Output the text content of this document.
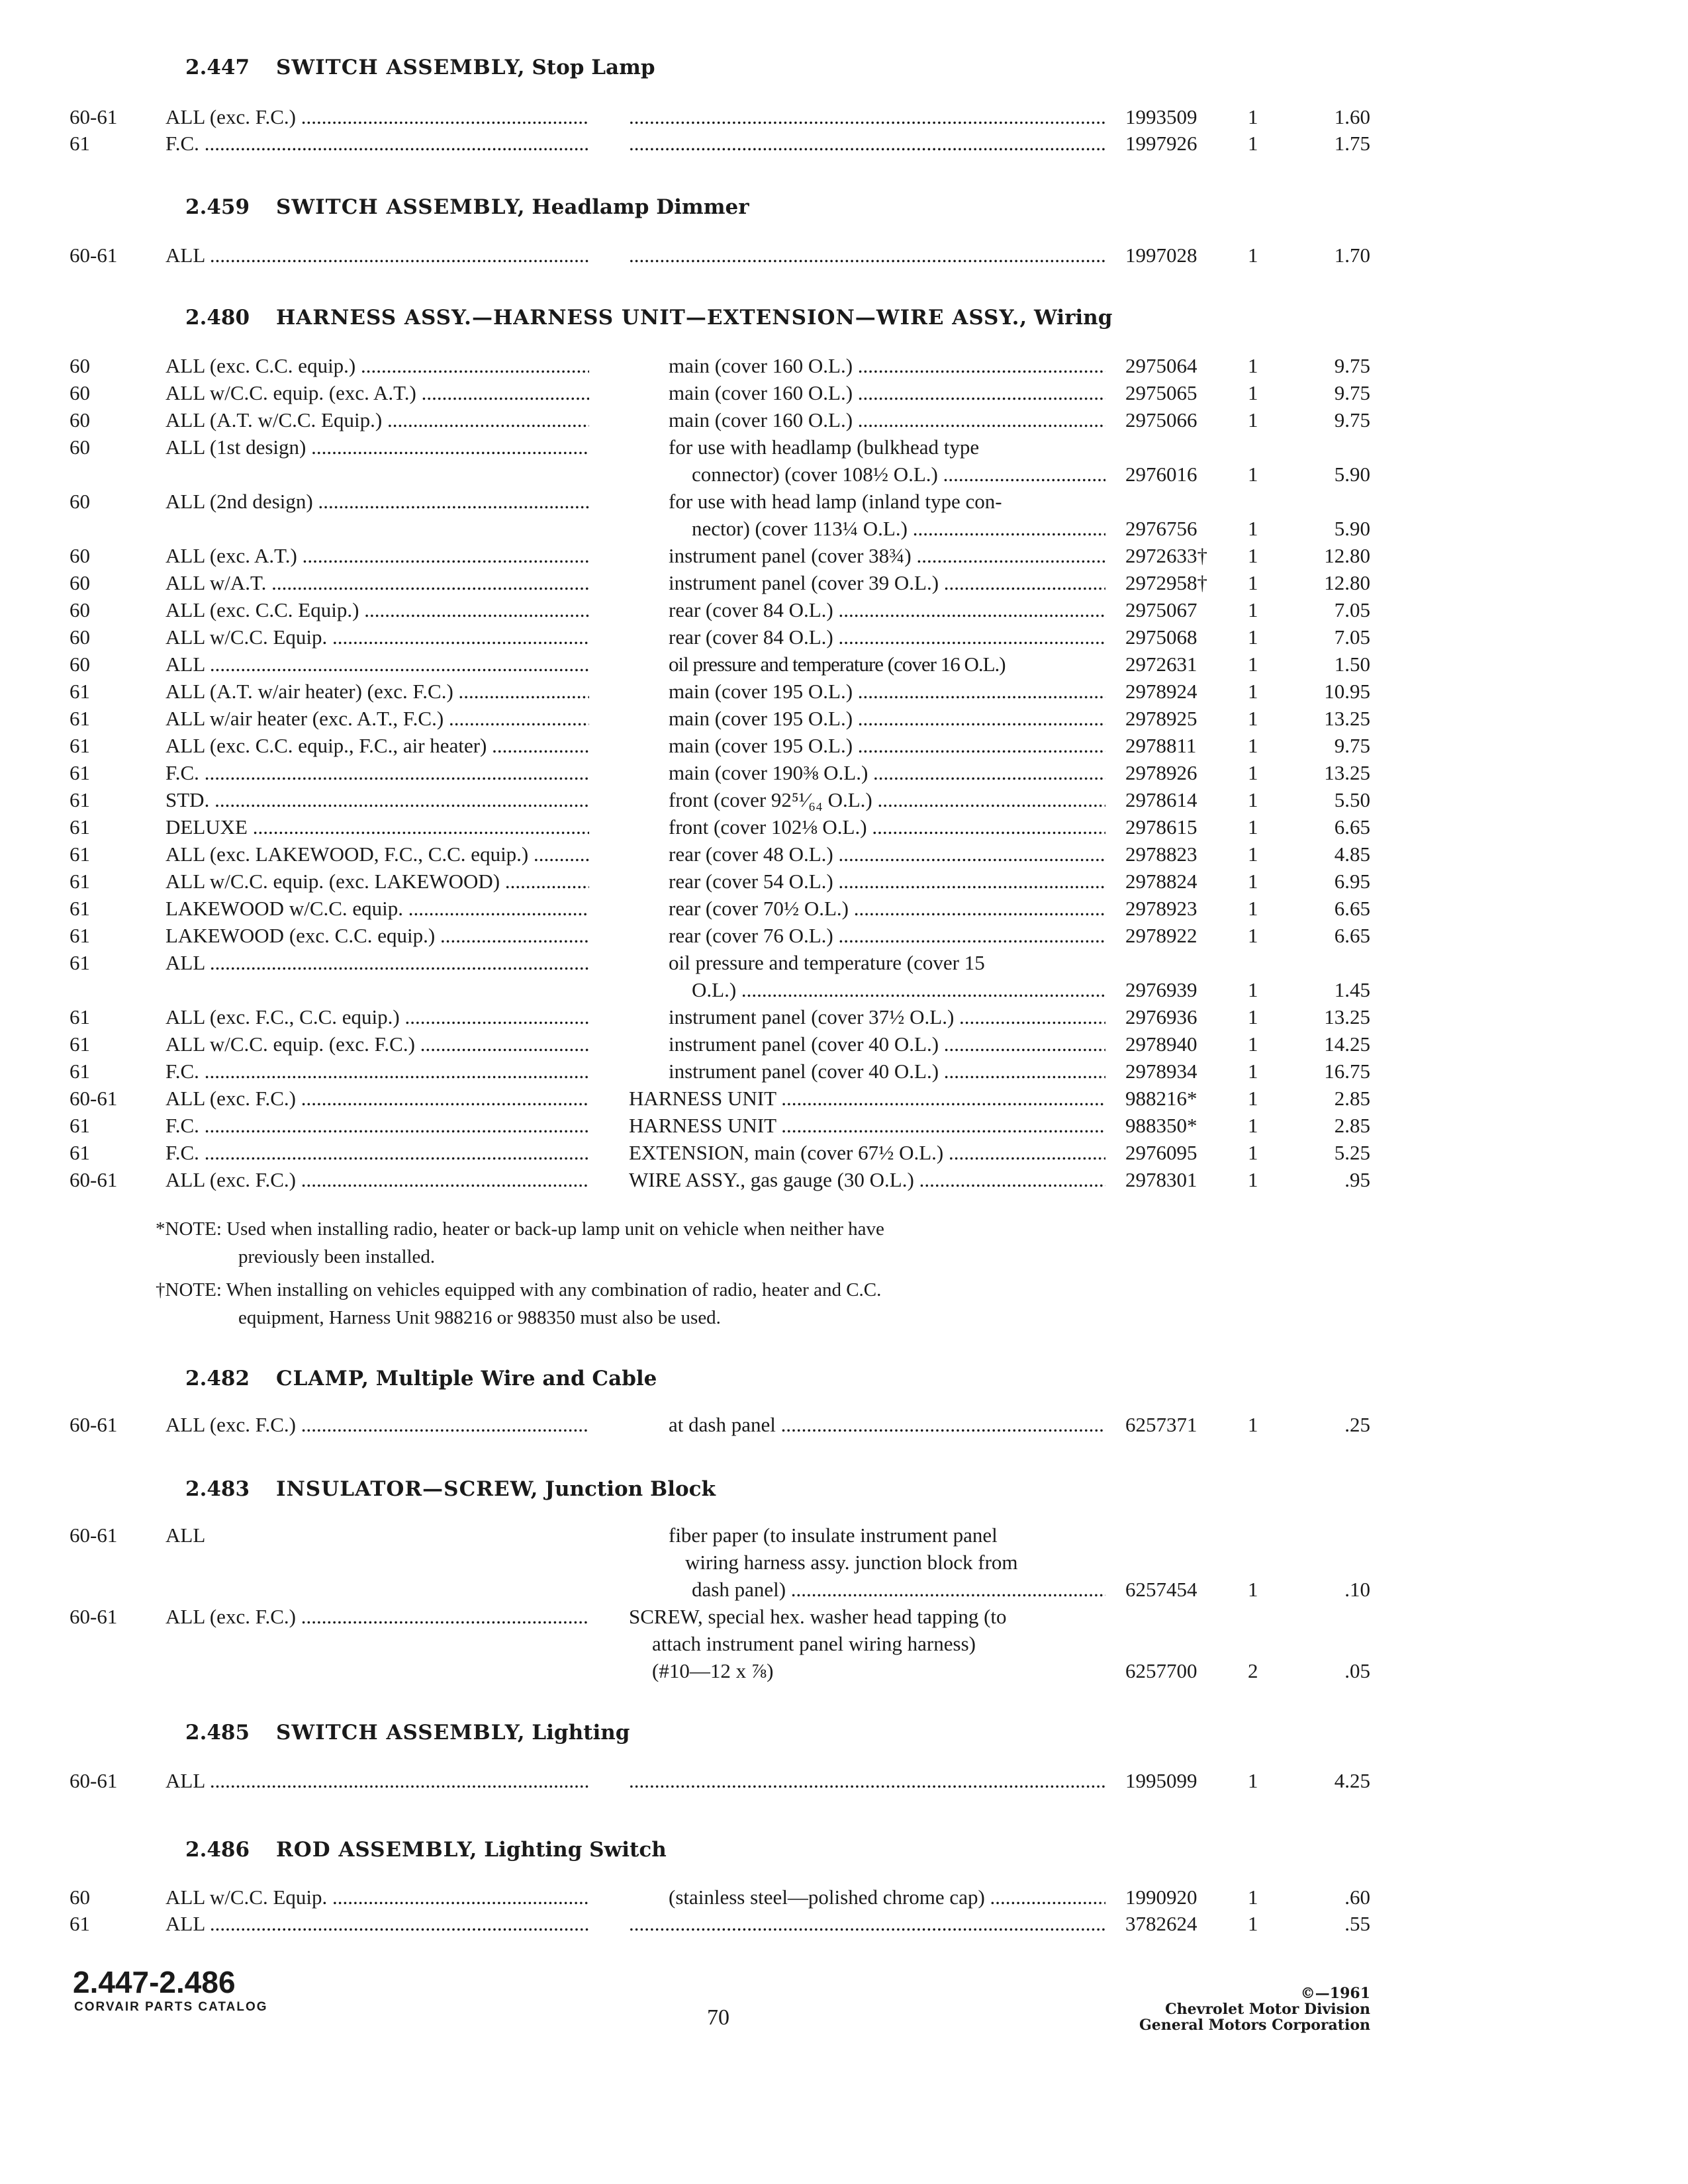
2.447 SWITCH ASSEMBLY, Stop Lamp
60-61 ALL (exc. F.C.) ..... .....	1993509 1	1.60
61	F.C. ..... .....	1997926 1	1.75
2.459 SWITCH ASSEMBLY, Headlamp Dimmer
60-61 ALL ..... .....	1997028 1	1.70
2.480 HARNESS ASSY.—HARNESS UNIT—EXTENSION—WIRE ASSY., Wiring
60	ALL (exc. C.C. equip.) .....	main (cover 160 O.L.) .....	2975064 1	9.75
60	ALL w/C.C. equip. (exc. A.T.) .....	main (cover 160 O.L.) .....	2975065 1	9.75
60	ALL (A.T. w/C.C. Equip.) .....	main (cover 160 O.L.) .....	2975066 1	9.75
60	ALL (1st design) .....	for use with headlamp (bulkhead type
connector) (cover 108½ O.L.) .....	2976016 1	5.90
60	ALL (2nd design) .....	for use with head lamp (inland type con-
nector) (cover 113¼ O.L.) .....	2976756 1	5.90
60	ALL (exc. A.T.) .....	instrument panel (cover 38¾) .....	2972633† 1	12.80
60	ALL w/A.T. .....	instrument panel (cover 39 O.L.) .....	2972958† 1	12.80
60	ALL (exc. C.C. Equip.) .....	rear (cover 84 O.L.) .....	2975067 1	7.05
60	ALL w/C.C. Equip. .....	rear (cover 84 O.L.) .....	2975068 1	7.05
60	ALL .....	oil pressure and temperature (cover 16 O.L.)	2972631 1	1.50
61	ALL (A.T. w/air heater) (exc. F.C.) .....	main (cover 195 O.L.) .....	2978924 1	10.95
61	ALL w/air heater (exc. A.T., F.C.) .....	main (cover 195 O.L.) .....	2978925 1	13.25
61	ALL (exc. C.C. equip., F.C., air heater) .....	main (cover 195 O.L.) .....	2978811	1	9.75
61	F.C. .....	main (cover 190⅜ O.L.) .....	2978926 1	13.25
61	STD. .....	front (cover 92⁵¹⁄₆₄ O.L.) .....	2978614 1	5.50
61	DELUXE .....	front (cover 102⅛ O.L.) .....	2978615 1	6.65
61	ALL (exc. LAKEWOOD, F.C., C.C. equip.) .....	rear (cover 48 O.L.) .....	2978823 1	4.85
61	ALL w/C.C. equip. (exc. LAKEWOOD) .....	rear (cover 54 O.L.) .....	2978824 1	6.95
61	LAKEWOOD w/C.C. equip. .....	rear (cover 70½ O.L.) .....	2978923 1	6.65
61	LAKEWOOD (exc. C.C. equip.) .....	rear (cover 76 O.L.) .....	2978922 1	6.65
61	ALL .....	oil pressure and temperature (cover 15
O.L.) .....	2976939 1	1.45
61	ALL (exc. F.C., C.C. equip.) .....	instrument panel (cover 37½ O.L.) .....	2976936 1	13.25
61	ALL w/C.C. equip. (exc. F.C.) .....	instrument panel (cover 40 O.L.) .....	2978940 1	14.25
61	F.C. .....	instrument panel (cover 40 O.L.) .....	2978934 1	16.75
60-61 ALL (exc. F.C.) .....	HARNESS UNIT .....	988216* 1	2.85
61	F.C. .....	HARNESS UNIT .....	988350* 1	2.85
61	F.C. .....	EXTENSION, main (cover 67½ O.L.) .....	2976095 1	5.25
60-61 ALL (exc. F.C.) .....	WIRE ASSY., gas gauge (30 O.L.) .....	2978301 1	.95
*NOTE: Used when installing radio, heater or back-up lamp unit on vehicle when neither have
previously been installed.
†NOTE: When installing on vehicles equipped with any combination of radio, heater and C.C.
equipment, Harness Unit 988216 or 988350 must also be used.
2.482 CLAMP, Multiple Wire and Cable
60-61 ALL (exc. F.C.) .....	at dash panel .....	6257371 1	.25
2.483 INSULATOR—SCREW, Junction Block
60-61 ALL	fiber paper (to insulate instrument panel
wiring harness assy. junction block from
dash panel) .....	6257454 1	.10
60-61 ALL (exc. F.C.) .....	SCREW, special hex. washer head tapping (to
attach instrument panel wiring harness)
(#10—12 x ⅞)	6257700 2	.05
2.485 SWITCH ASSEMBLY, Lighting
60-61 ALL ..... .....	1995099 1	4.25
2.486 ROD ASSEMBLY, Lighting Switch
60	ALL w/C.C. Equip. .....	(stainless steel—polished chrome cap) .....	1990920 1	.60
61	ALL ..... .....	3782624 1	.55
2.447-2.486
CORVAIR PARTS CATALOG	70
©—1961
Chevrolet Motor Division
General Motors Corporation
